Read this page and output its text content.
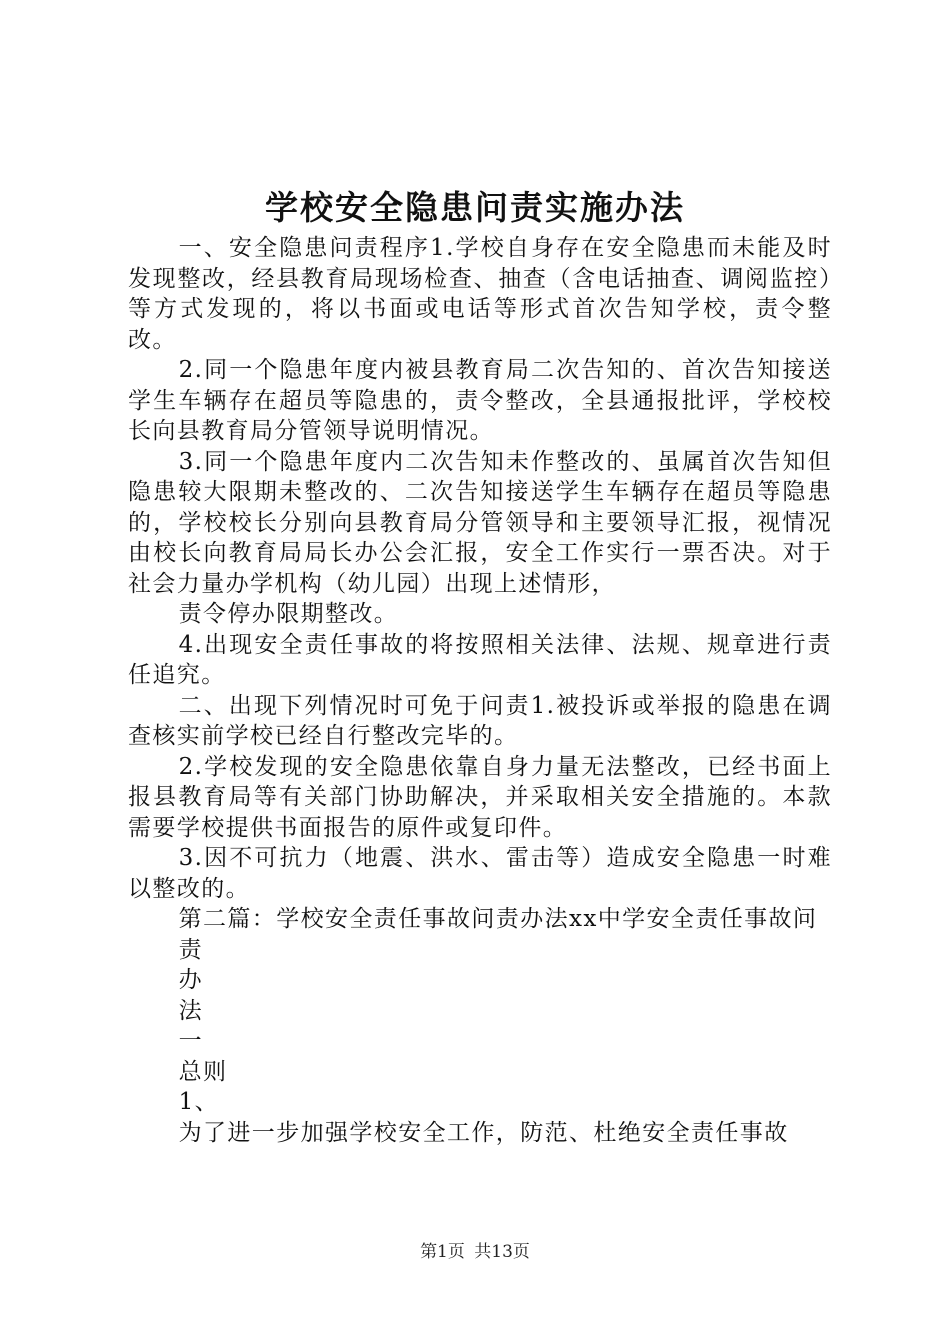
学校安全隐患问责实施办法

一、安全隐患问责程序1.学校自身存在安全隐患而未能及时发现整改，经县教育局现场检查、抽查（含电话抽查、调阅监控）等方式发现的，将以书面或电话等形式首次告知学校，责令整改。

2.同一个隐患年度内被县教育局二次告知的、首次告知接送学生车辆存在超员等隐患的，责令整改，全县通报批评，学校校长向县教育局分管领导说明情况。

3.同一个隐患年度内二次告知未作整改的、虽属首次告知但隐患较大限期未整改的、二次告知接送学生车辆存在超员等隐患的，学校校长分别向县教育局分管领导和主要领导汇报，视情况由校长向教育局局长办公会汇报，安全工作实行一票否决。对于社会力量办学机构（幼儿园）出现上述情形，

责令停办限期整改。

4.出现安全责任事故的将按照相关法律、法规、规章进行责任追究。

二、出现下列情况时可免于问责1.被投诉或举报的隐患在调查核实前学校已经自行整改完毕的。

2.学校发现的安全隐患依靠自身力量无法整改，已经书面上报县教育局等有关部门协助解决，并采取相关安全措施的。本款需要学校提供书面报告的原件或复印件。

3.因不可抗力（地震、洪水、雷击等）造成安全隐患一时难以整改的。

第二篇：学校安全责任事故问责办法xx中学安全责任事故问

责

办

法

一

总则

1、

为了进一步加强学校安全工作，防范、杜绝安全责任事故

第1页 共13页
